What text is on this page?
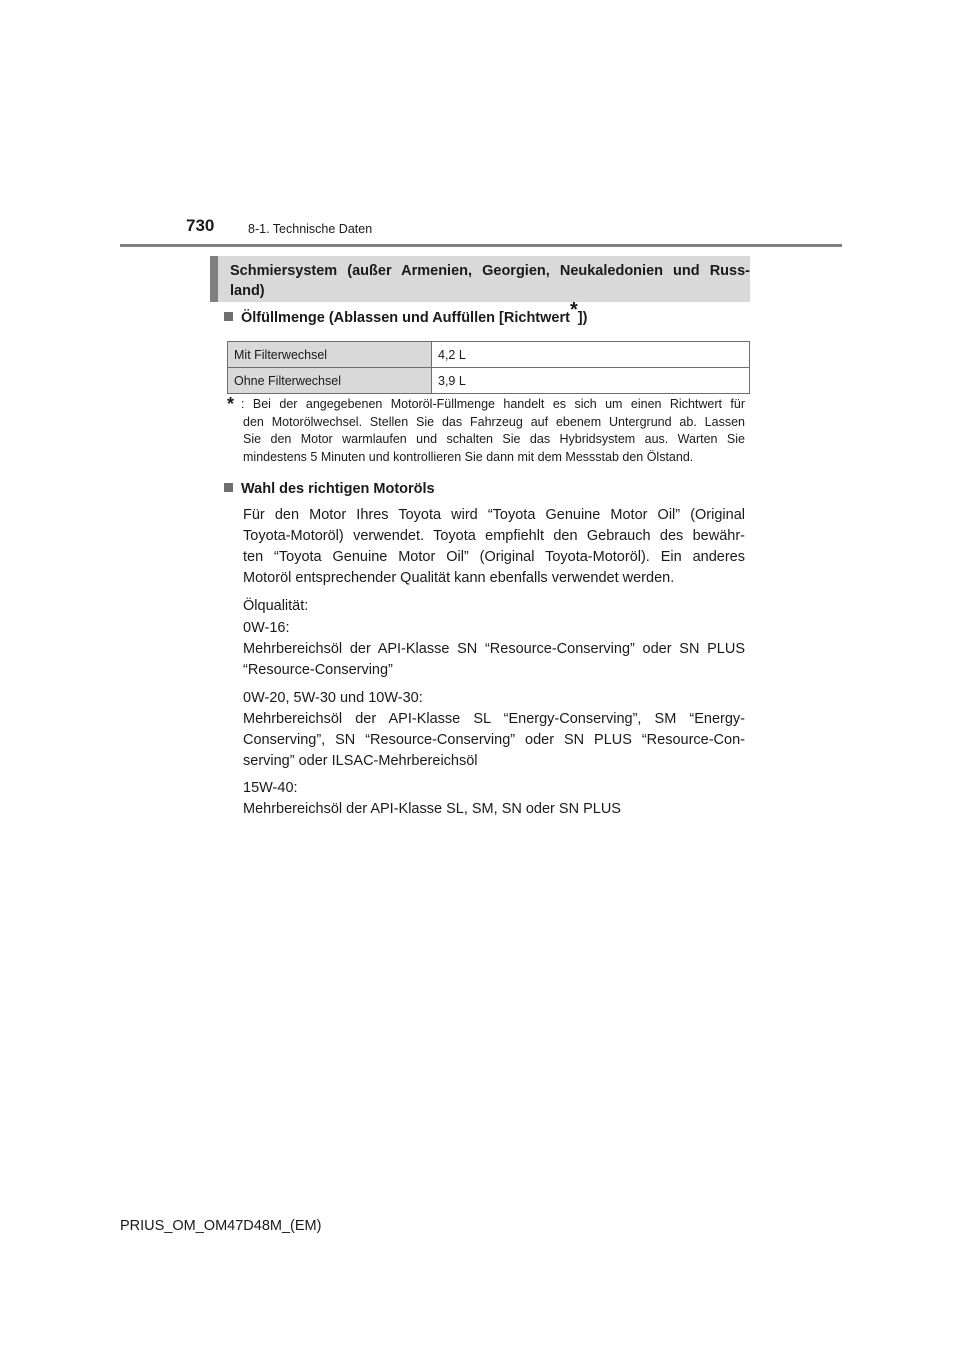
730	8-1. Technische Daten
Schmiersystem (außer Armenien, Georgien, Neukaledonien und Russ-
land)
Ölfüllmenge (Ablassen und Auffüllen [Richtwert*])
Mit Filterwechsel	4,2 L
Ohne Filterwechsel	3,9 L
* : Bei der angegebenen Motoröl-Füllmenge handelt es sich um einen Richtwert für
den Motorölwechsel. Stellen Sie das Fahrzeug auf ebenem Untergrund ab. Lassen
Sie den Motor warmlaufen und schalten Sie das Hybridsystem aus. Warten Sie
mindestens 5 Minuten und kontrollieren Sie dann mit dem Messstab den Ölstand.
Wahl des richtigen Motoröls
Für den Motor Ihres Toyota wird “Toyota Genuine Motor Oil” (Original
Toyota-Motoröl) verwendet. Toyota empfiehlt den Gebrauch des bewähr-
ten “Toyota Genuine Motor Oil” (Original Toyota-Motoröl). Ein anderes
Motoröl entsprechender Qualität kann ebenfalls verwendet werden.
Ölqualität:
0W-16:
Mehrbereichsöl der API-Klasse SN “Resource-Conserving” oder SN PLUS
“Resource-Conserving”
0W-20, 5W-30 und 10W-30:
Mehrbereichsöl der API-Klasse SL “Energy-Conserving”, SM “Energy-
Conserving”, SN “Resource-Conserving” oder SN PLUS “Resource-Con-
serving” oder ILSAC-Mehrbereichsöl
15W-40:
Mehrbereichsöl der API-Klasse SL, SM, SN oder SN PLUS
PRIUS_OM_OM47D48M_(EM)
